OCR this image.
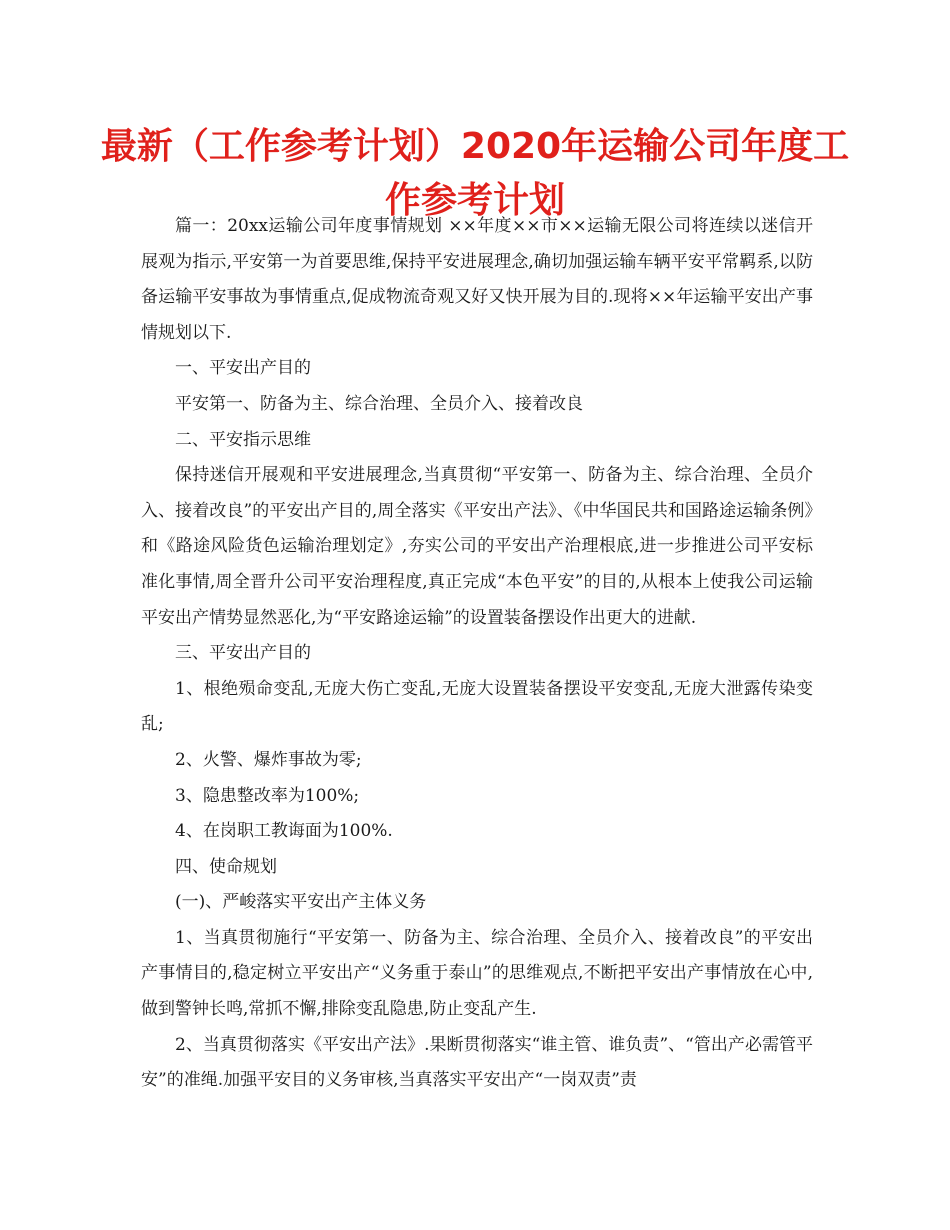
最新（工作参考计划）2020年运输公司年度工作参考计划

篇一：20xx运输公司年度事情规划 ××年度××市××运输无限公司将连续以迷信开展观为指示,平安第一为首要思维,保持平安进展理念,确切加强运输车辆平安平常羁系,以防备运输平安事故为事情重点,促成物流奇观又好又快开展为目的.现将××年运输平安出产事情规划以下.

一、平安出产目的

平安第一、防备为主、综合治理、全员介入、接着改良

二、平安指示思维

保持迷信开展观和平安进展理念,当真贯彻“平安第一、防备为主、综合治理、全员介入、接着改良”的平安出产目的,周全落实《平安出产法》、《中华国民共和国路途运输条例》和《路途风险货色运输治理划定》,夯实公司的平安出产治理根底,进一步推进公司平安标准化事情,周全晋升公司平安治理程度,真正完成“本色平安”的目的,从根本上使我公司运输平安出产情势显然恶化,为“平安路途运输”的设置装备摆设作出更大的进献.

三、平安出产目的

1、根绝殒命变乱,无庞大伤亡变乱,无庞大设置装备摆设平安变乱,无庞大泄露传染变乱;

2、火警、爆炸事故为零;

3、隐患整改率为100%;

4、在岗职工教诲面为100%.

四、使命规划

(一)、严峻落实平安出产主体义务

1、当真贯彻施行“平安第一、防备为主、综合治理、全员介入、接着改良”的平安出产事情目的,稳定树立平安出产“义务重于泰山”的思维观点,不断把平安出产事情放在心中,做到警钟长鸣,常抓不懈,排除变乱隐患,防止变乱产生.

2、当真贯彻落实《平安出产法》.果断贯彻落实“谁主管、谁负责”、“管出产必需管平安”的准绳.加强平安目的义务审核,当真落实平安出产“一岗双责”责
